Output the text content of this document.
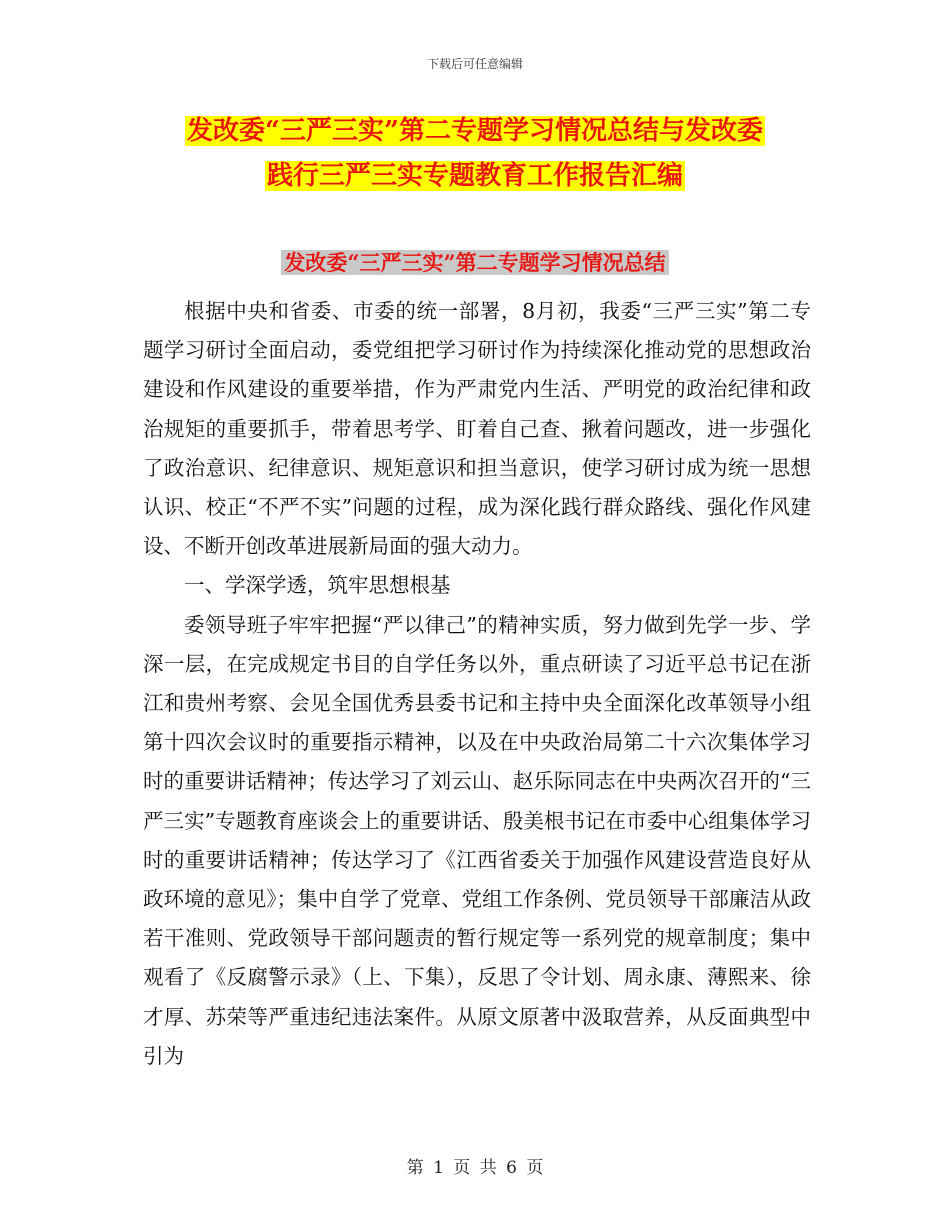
下载后可任意编辑
发改委“三严三实”第二专题学习情况总结与发改委
践行三严三实专题教育工作报告汇编
发改委“三严三实”第二专题学习情况总结

根据中央和省委、市委的统一部署，8月初，我委“三严三实”第二专题学习研讨全面启动，委党组把学习研讨作为持续深化推动党的思想政治建设和作风建设的重要举措，作为严肃党内生活、严明党的政治纪律和政治规矩的重要抓手，带着思考学、盯着自己查、揪着问题改，进一步强化了政治意识、纪律意识、规矩意识和担当意识，使学习研讨成为统一思想认识、校正“不严不实”问题的过程，成为深化践行群众路线、强化作风建设、不断开创改革进展新局面的强大动力。

一、学深学透，筑牢思想根基

委领导班子牢牢把握“严以律己”的精神实质，努力做到先学一步、学深一层，在完成规定书目的自学任务以外，重点研读了习近平总书记在浙江和贵州考察、会见全国优秀县委书记和主持中央全面深化改革领导小组第十四次会议时的重要指示精神，以及在中央政治局第二十六次集体学习时的重要讲话精神；传达学习了刘云山、赵乐际同志在中央两次召开的“三严三实”专题教育座谈会上的重要讲话、殷美根书记在市委中心组集体学习时的重要讲话精神；传达学习了《江西省委关于加强作风建设营造良好从政环境的意见》；集中自学了党章、党组工作条例、党员领导干部廉洁从政若干准则、党政领导干部问题责的暂行规定等一系列党的规章制度；集中观看了《反腐警示录》（上、下集），反思了令计划、周永康、薄熙来、徐才厚、苏荣等严重违纪违法案件。从原文原著中汲取营养，从反面典型中引为

第 1 页 共 6 页
